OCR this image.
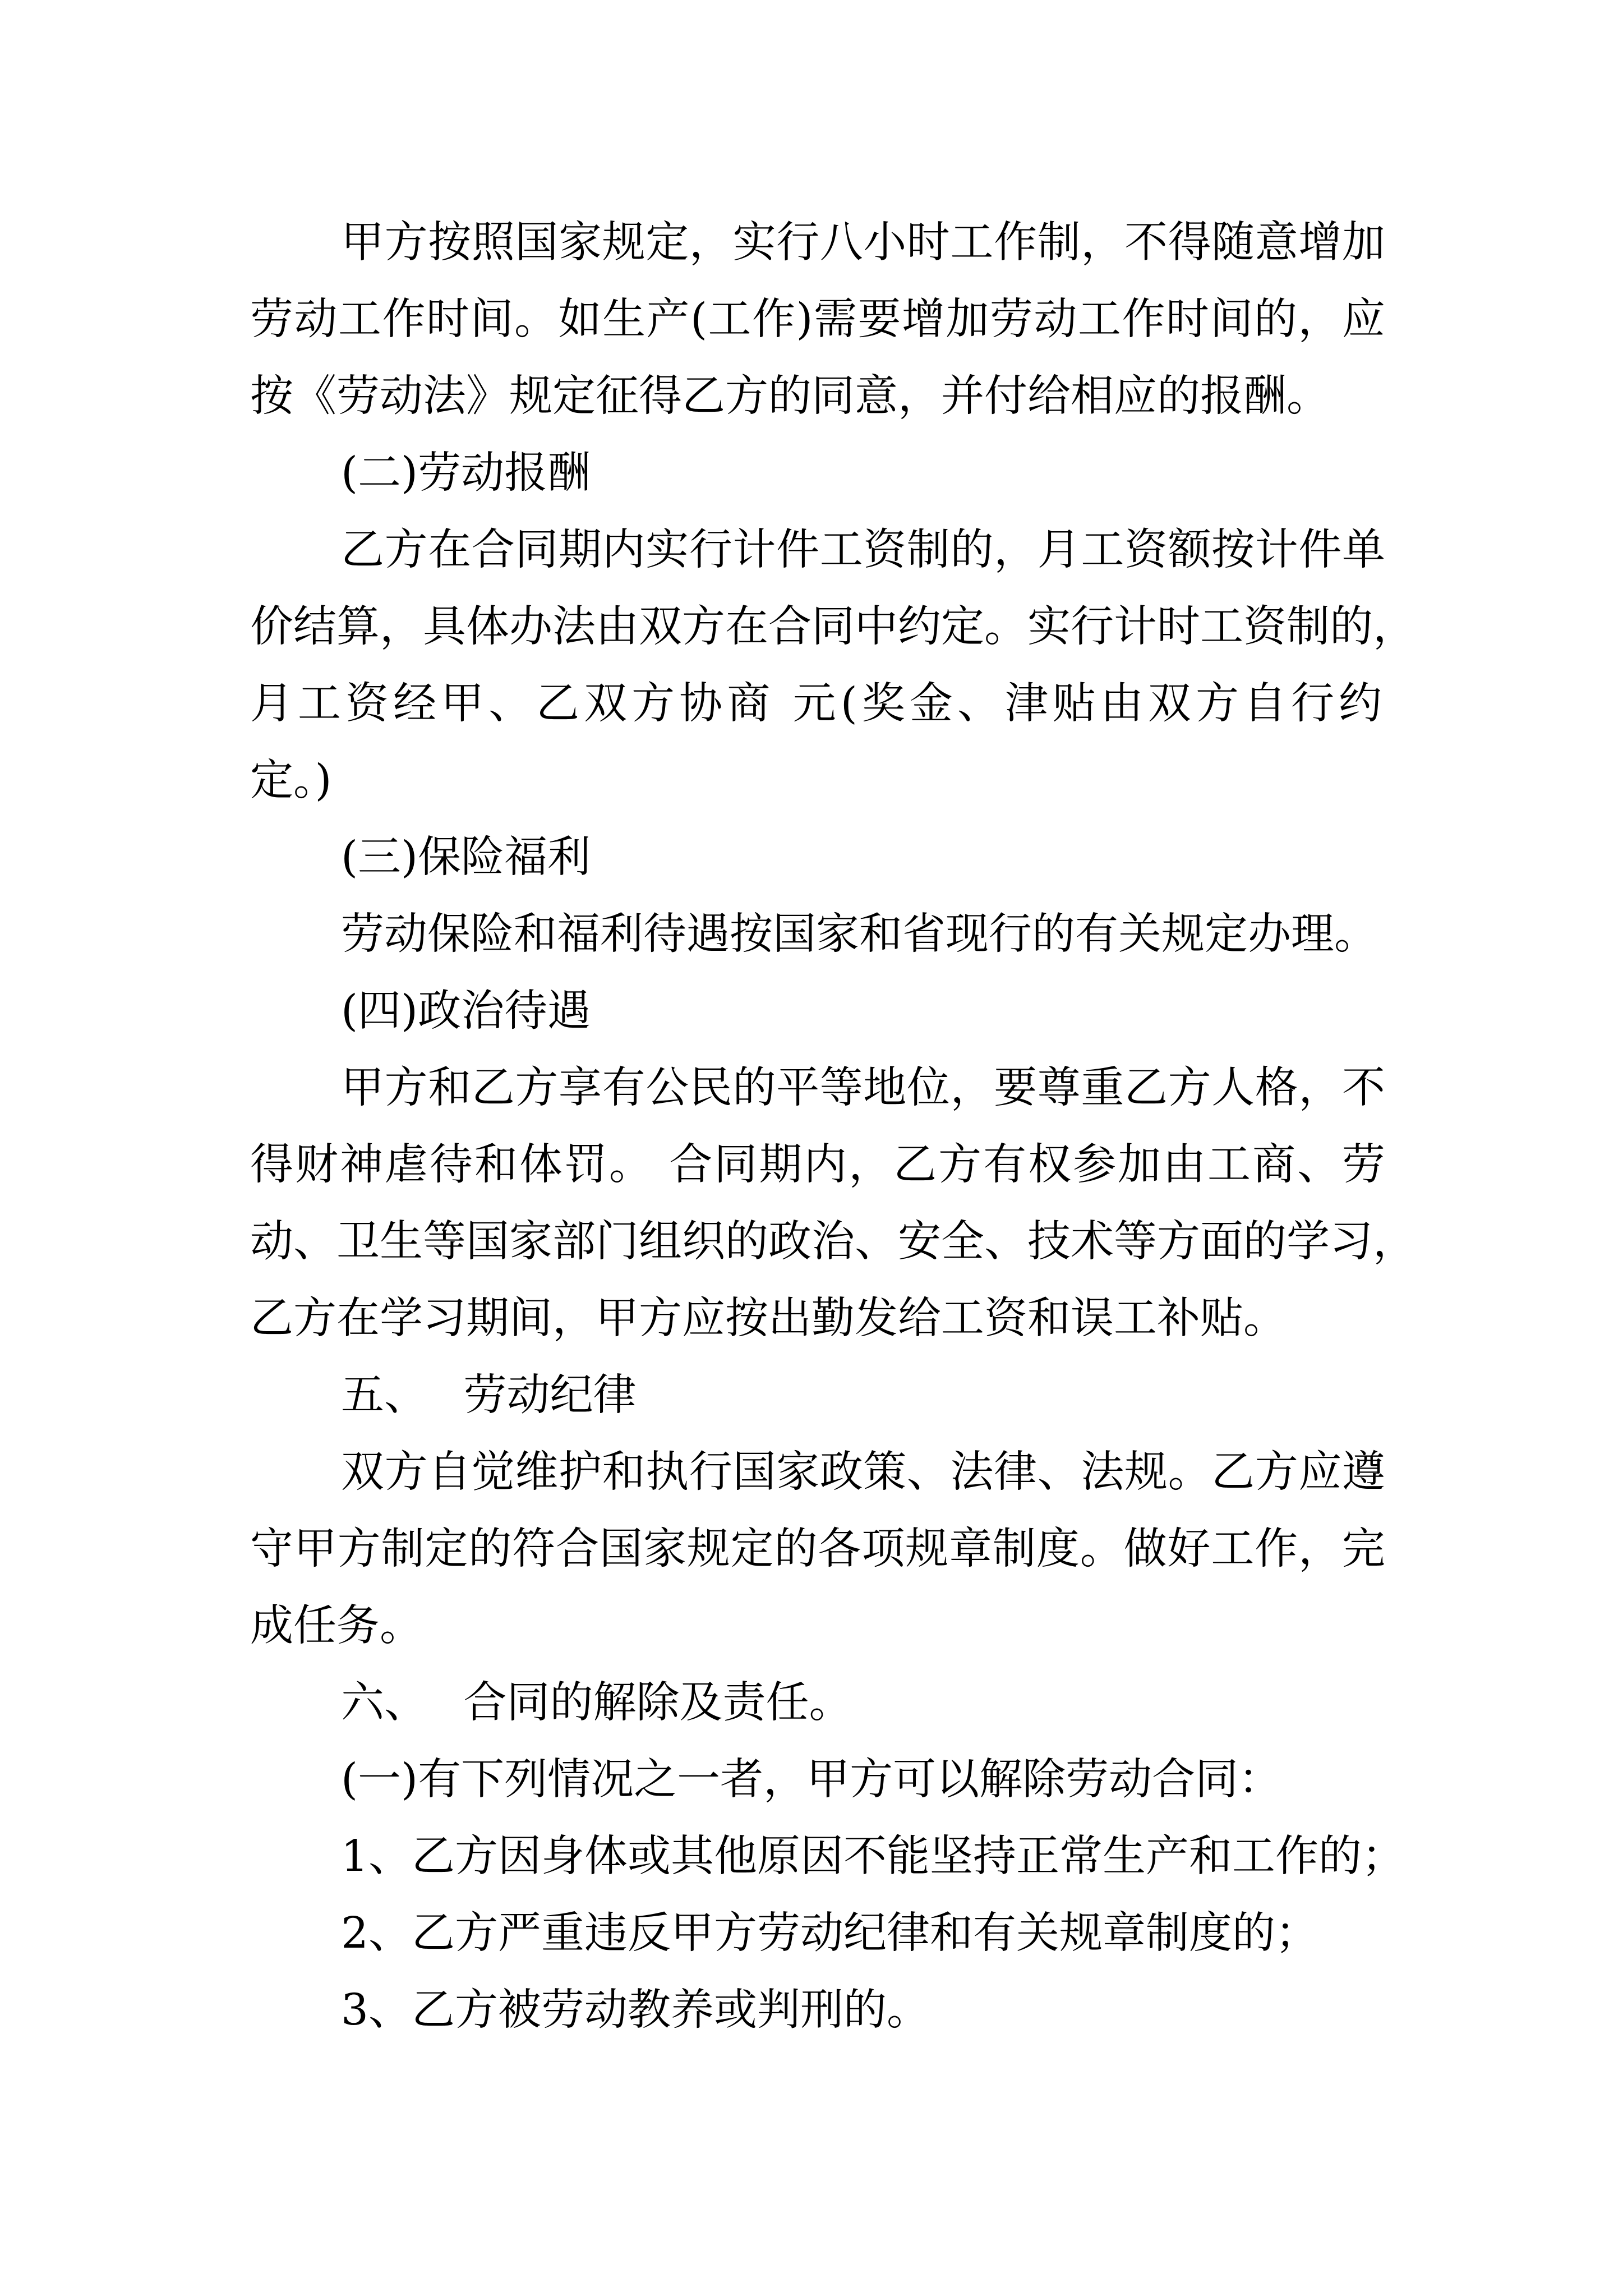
甲方按照国家规定，实行八小时工作制，不得随意增加
劳动工作时间。如生产(工作)需要增加劳动工作时间的，应
按《劳动法》规定征得乙方的同意，并付给相应的报酬。
(二)劳动报酬
乙方在合同期内实行计件工资制的，月工资额按计件单
价结算，具体办法由双方在合同中约定。实行计时工资制的，
月工资经甲、乙双方协商 元(奖金、津贴由双方自行约
定。)
(三)保险福利
劳动保险和福利待遇按国家和省现行的有关规定办理。
(四)政治待遇
甲方和乙方享有公民的平等地位，要尊重乙方人格，不
得财神虐待和体罚。 合同期内，乙方有权参加由工商、劳
动、卫生等国家部门组织的政治、安全、技术等方面的学习，
乙方在学习期间，甲方应按出勤发给工资和误工补贴。
五、 劳动纪律
双方自觉维护和执行国家政策、法律、法规。乙方应遵
守甲方制定的符合国家规定的各项规章制度。做好工作，完
成任务。
六、 合同的解除及责任。
(一)有下列情况之一者，甲方可以解除劳动合同：
1、乙方因身体或其他原因不能坚持正常生产和工作的；
2、乙方严重违反甲方劳动纪律和有关规章制度的；
3、乙方被劳动教养或判刑的。
